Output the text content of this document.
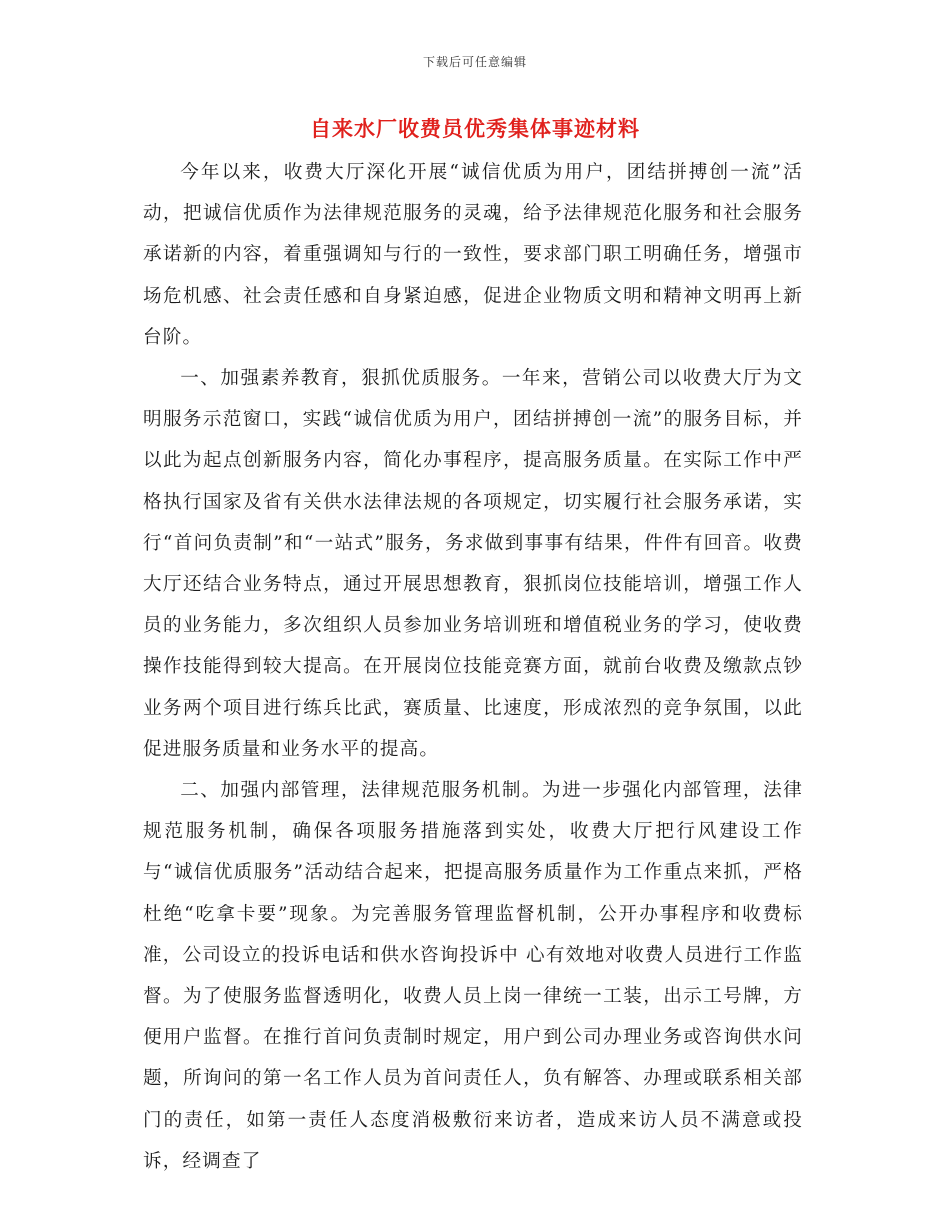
下载后可任意编辑
自来水厂收费员优秀集体事迹材料

今年以来，收费大厅深化开展“诚信优质为用户，团结拼搏创一流”活动，把诚信优质作为法律规范服务的灵魂，给予法律规范化服务和社会服务承诺新的内容，着重强调知与行的一致性，要求部门职工明确任务，增强市场危机感、社会责任感和自身紧迫感，促进企业物质文明和精神文明再上新台阶。

一、加强素养教育，狠抓优质服务。一年来，营销公司以收费大厅为文明服务示范窗口，实践“诚信优质为用户，团结拼搏创一流”的服务目标，并以此为起点创新服务内容，简化办事程序，提高服务质量。在实际工作中严格执行国家及省有关供水法律法规的各项规定，切实履行社会服务承诺，实行“首问负责制”和“一站式”服务，务求做到事事有结果，件件有回音。收费大厅还结合业务特点，通过开展思想教育，狠抓岗位技能培训，增强工作人员的业务能力，多次组织人员参加业务培训班和增值税业务的学习，使收费操作技能得到较大提高。在开展岗位技能竞赛方面，就前台收费及缴款点钞业务两个项目进行练兵比武，赛质量、比速度，形成浓烈的竞争氛围，以此促进服务质量和业务水平的提高。

二、加强内部管理，法律规范服务机制。为进一步强化内部管理，法律规范服务机制，确保各项服务措施落到实处，收费大厅把行风建设工作与“诚信优质服务”活动结合起来，把提高服务质量作为工作重点来抓，严格杜绝“吃拿卡要”现象。为完善服务管理监督机制，公开办事程序和收费标准，公司设立的投诉电话和供水咨询投诉中 心有效地对收费人员进行工作监督。为了使服务监督透明化，收费人员上岗一律统一工装，出示工号牌，方便用户监督。在推行首问负责制时规定，用户到公司办理业务或咨询供水问题，所询问的第一名工作人员为首问责任人，负有解答、办理或联系相关部门的责任，如第一责任人态度消极敷衍来访者，造成来访人员不满意或投诉，经调查了
